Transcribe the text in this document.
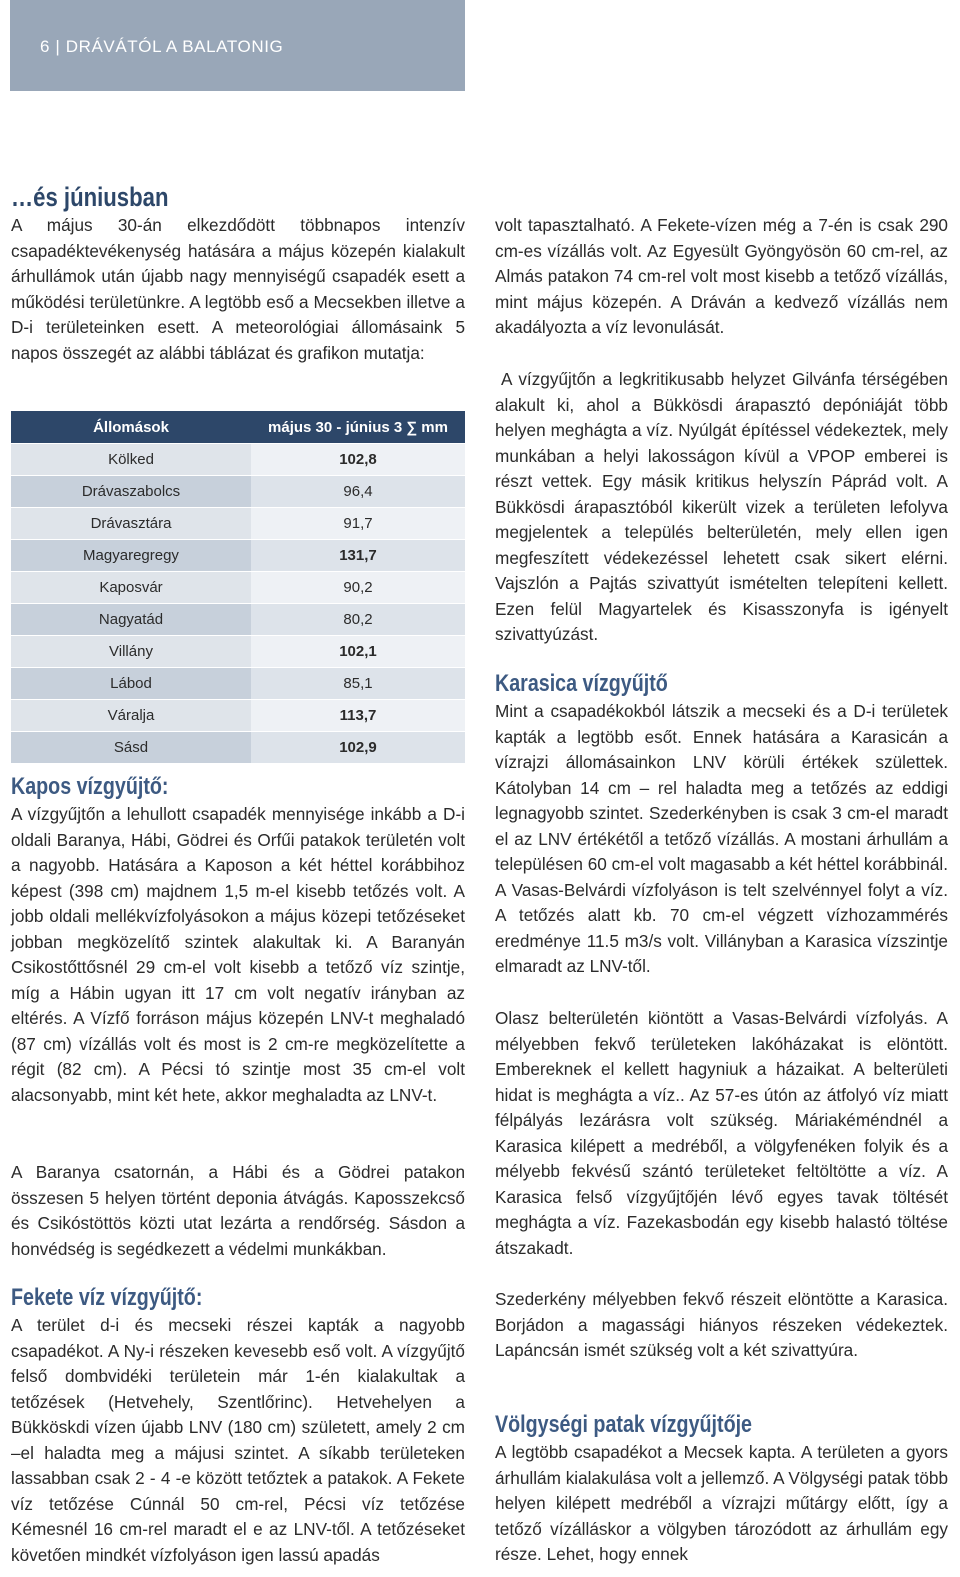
6 | DRÁVÁTÓL A BALATONIG
…és júniusban

A május 30-án elkezdődött többnapos intenzív csapadéktevékenység hatására a május közepén kialakult árhullámok után újabb nagy mennyiségű csapadék esett a működési területünkre. A legtöbb eső a Mecsekben illetve a D-i területeinken esett. A meteorológiai állomásaink 5 napos összegét az alábbi táblázat és grafikon mutatja:

Állomások	május 30 - június 3 ∑ mm
Kölked	102,8
Drávaszabolcs	96,4
Drávasztára	91,7
Magyaregregy	131,7
Kaposvár	90,2
Nagyatád	80,2
Villány	102,1
Lábod	85,1
Váralja	113,7
Sásd	102,9
Kapos vízgyűjtő:

A vízgyűjtőn a lehullott csapadék mennyisége inkább a D-i oldali Baranya, Hábi, Gödrei és Orfűi patakok területén volt a nagyobb. Hatására a Kaposon a két héttel korábbihoz képest (398 cm) majdnem 1,5 m-el kisebb tetőzés volt. A jobb oldali mellékvízfolyásokon a május közepi tetőzéseket jobban megközelítő szintek alakultak ki. A Baranyán Csikostőttősnél 29 cm-el volt kisebb a tetőző víz szintje, míg a Hábin ugyan itt 17 cm volt negatív irányban az eltérés. A Vízfő forráson május közepén LNV-t meghaladó (87 cm) vízállás volt és most is 2 cm-re megközelítette a régit (82 cm). A Pécsi tó szintje most 35 cm-el volt alacsonyabb, mint két hete, akkor meghaladta az LNV-t.

A Baranya csatornán, a Hábi és a Gödrei patakon összesen 5 helyen történt deponia átvágás. Kaposszekcső és Csikóstöttös közti utat lezárta a rendőrség. Sásdon a honvédség is segédkezett a védelmi munkákban.

Fekete víz vízgyűjtő:

A terület d-i és mecseki részei kapták a nagyobb csapadékot. A Ny-i részeken kevesebb eső volt. A vízgyűjtő felső dombvidéki területein már 1-én kialakultak a tetőzések (Hetvehely, Szentlőrinc). Hetvehelyen a Bükköskdi vízen újabb LNV (180 cm) született, amely 2 cm –el haladta meg a májusi szintet. A síkabb területeken lassabban csak 2 - 4 -e között tetőztek a patakok. A Fekete víz tetőzése Cúnnál 50 cm-rel, Pécsi víz tetőzése Kémesnél 16 cm-rel maradt el e az LNV-től. A tetőzéseket követően mindkét vízfolyáson igen lassú apadás

volt tapasztalható. A Fekete-vízen még a 7-én is csak 290 cm-es vízállás volt. Az Egyesült Gyöngyösön 60 cm-rel, az Almás patakon 74 cm-rel volt most kisebb a tetőző vízállás, mint május közepén. A Dráván a kedvező vízállás nem akadályozta a víz levonulását.

A vízgyűjtőn a legkritikusabb helyzet Gilvánfa térségében alakult ki, ahol a Bükkösdi árapasztó depóniáját több helyen meghágta a víz. Nyúlgát építéssel védekeztek, mely munkában a helyi lakosságon kívül a VPOP emberei is részt vettek. Egy másik kritikus helyszín Páprád volt. A Bükkösdi árapasztóból kikerült vizek a területen lefolyva megjelentek a település belterületén, mely ellen igen megfeszített védekezéssel lehetett csak sikert elérni. Vajszlón a Pajtás szivattyút ismételten telepíteni kellett. Ezen felül Magyartelek és Kisasszonyfa is igényelt szivattyúzást.

Karasica vízgyűjtő

Mint a csapadékokból látszik a mecseki és a D-i területek kapták a legtöbb esőt. Ennek hatására a Karasicán a vízrajzi állomásainkon LNV körüli értékek születtek. Kátolyban 14 cm – rel haladta meg a tetőzés az eddigi legnagyobb szintet. Szederkényben is csak 3 cm-el maradt el az LNV értékétől a tetőző vízállás. A mostani árhullám a településen 60 cm-el volt magasabb a két héttel korábbinál. A Vasas-Belvárdi vízfolyáson is telt szelvénnyel folyt a víz. A tetőzés alatt kb. 70 cm-el végzett vízhozammérés eredménye 11.5 m3/s volt. Villányban a Karasica vízszintje elmaradt az LNV-től.

Olasz belterületén kiöntött a Vasas-Belvárdi vízfolyás. A mélyebben fekvő területeken lakóházakat is elöntött. Embereknek el kellett hagyniuk a házaikat. A belterületi hidat is meghágta a víz.. Az 57-es útón az átfolyó víz miatt félpályás lezárásra volt szükség. Máriakéméndnél a Karasica kilépett a medréből, a völgyfenéken folyik és a mélyebb fekvésű szántó területeket feltöltötte a víz. A Karasica felső vízgyűjtőjén lévő egyes tavak töltését meghágta a víz. Fazekasbodán egy kisebb halastó töltése átszakadt.

Szederkény mélyebben fekvő részeit elöntötte a Karasica. Borjádon a magassági hiányos részeken védekeztek. Lapáncsán ismét szükség volt a két szivattyúra.

Völgységi patak vízgyűjtője

A legtöbb csapadékot a Mecsek kapta. A területen a gyors árhullám kialakulása volt a jellemző. A Völgységi patak több helyen kilépett medréből a vízrajzi műtárgy előtt, így a tetőző vízálláskor a völgyben tározódott az árhullám egy része. Lehet, hogy ennek
